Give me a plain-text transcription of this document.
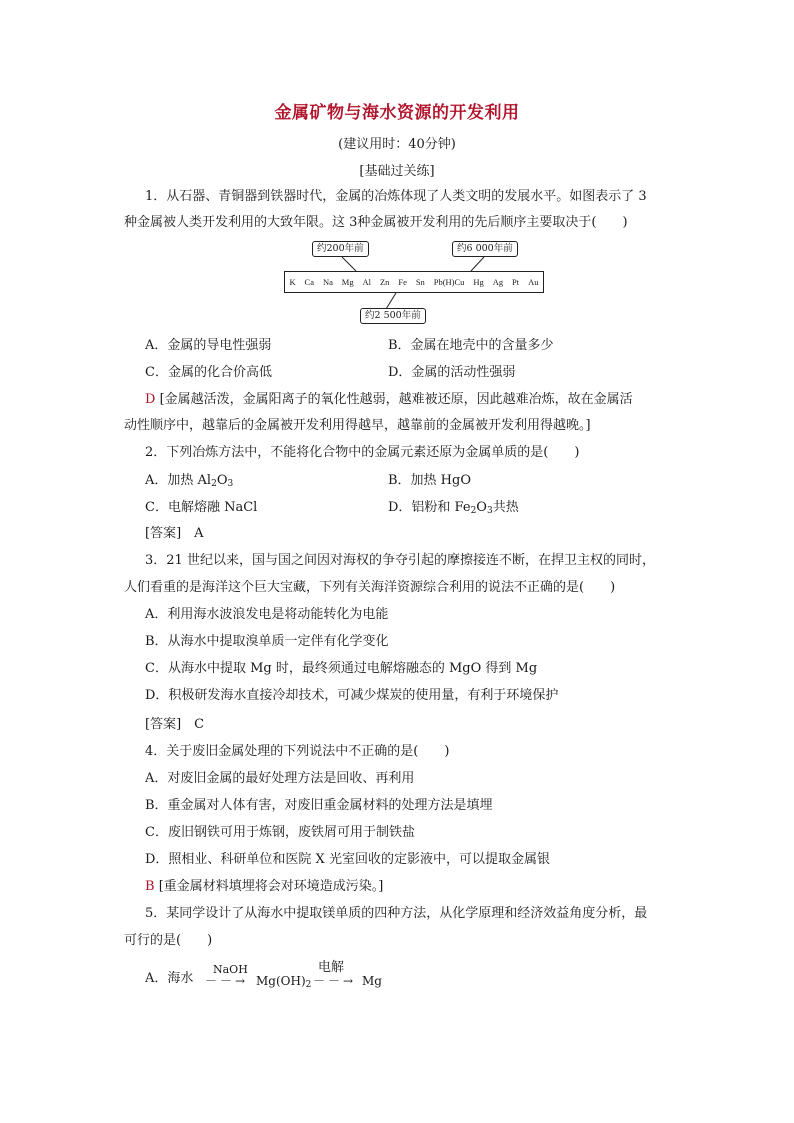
金属矿物与海水资源的开发利用
(建议用时：40分钟)
[基础过关练]
1．从石器、青铜器到铁器时代，金属的冶炼体现了人类文明的发展水平。如图表示了 3
种金属被人类开发利用的大致年限。这 3种金属被开发利用的先后顺序主要取决于(　　)
约200年前	约6 000年前
K Ca Na Mg Al Zn Fe Sn Pb(H)Cu Hg Ag Pt Au
约2 500年前
A．金属的导电性强弱	B．金属在地壳中的含量多少
C．金属的化合价高低	D．金属的活动性强弱
D [金属越活泼，金属阳离子的氧化性越弱，越难被还原，因此越难冶炼，故在金属活
动性顺序中，越靠后的金属被开发利用得越早，越靠前的金属被开发利用得越晚。]
2．下列冶炼方法中，不能将化合物中的金属元素还原为金属单质的是(　　)
A．加热 $Al_2O_3$	B．加热 HgO
C．电解熔融 NaCl	D．铝粉和 $Fe_2O_3$共热
[答案]　A
3．21 世纪以来，国与国之间因对海权的争夺引起的摩擦接连不断，在捍卫主权的同时，
人们看重的是海洋这个巨大宝藏，下列有关海洋资源综合利用的说法不正确的是(　　)
A．利用海水波浪发电是将动能转化为电能
B．从海水中提取溴单质一定伴有化学变化
C．从海水中提取 Mg 时，最终须通过电解熔融态的 MgO 得到 Mg
D．积极研发海水直接冷却技术，可减少煤炭的使用量，有利于环境保护
[答案]　C
4．关于废旧金属处理的下列说法中不正确的是(　　)
A．对废旧金属的最好处理方法是回收、再利用
B．重金属对人体有害，对废旧重金属材料的处理方法是填埋
C．废旧钢铁可用于炼钢，废铁屑可用于制铁盐
D．照相业、科研单位和医院 X 光室回收的定影液中，可以提取金属银
B [重金属材料填埋将会对环境造成污染。]
5．某同学设计了从海水中提取镁单质的四种方法，从化学原理和经济效益角度分析，最
可行的是(　　)
A．海水
NaOH
－－→ $Mg(OH)_2$
电解
－－→ Mg
